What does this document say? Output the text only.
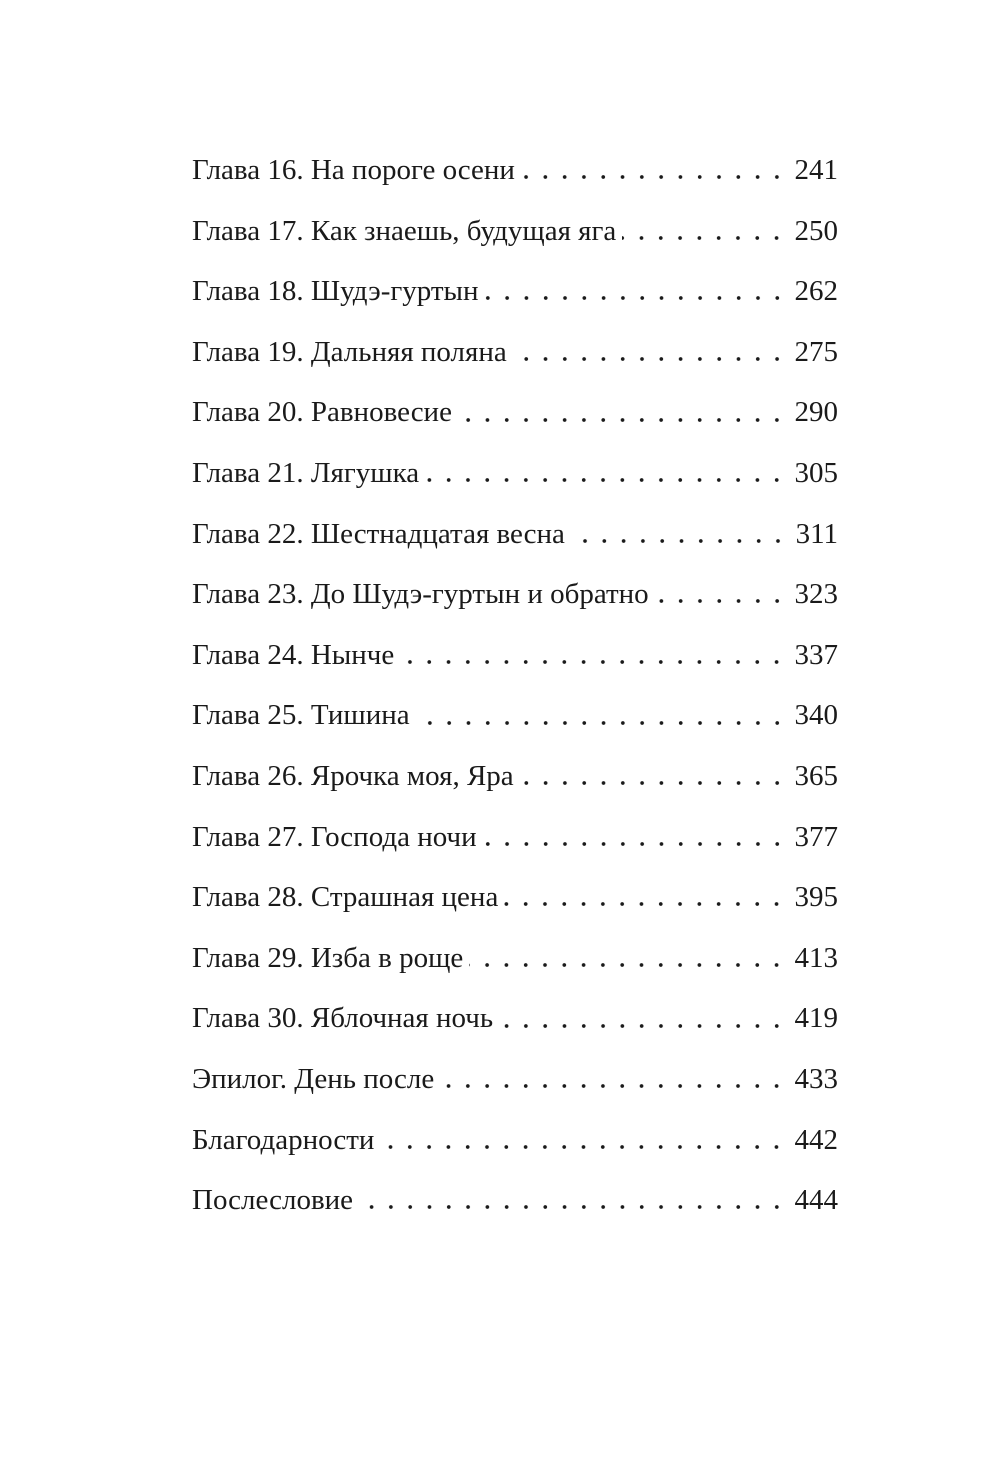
Глава 16. На пороге осени	241
Глава 17. Как знаешь, будущая яга	250
Глава 18. Шудэ-гуртын	262
Глава 19. Дальняя поляна	275
Глава 20. Равновесие	290
Глава 21. Лягушка	305
Глава 22. Шестнадцатая весна	311
Глава 23. До Шудэ-гуртын и обратно	323
Глава 24. Нынче	337
Глава 25. Тишина	340
Глава 26. Ярочка моя, Яра	365
Глава 27. Господа ночи	377
Глава 28. Страшная цена	395
Глава 29. Изба в роще	413
Глава 30. Яблочная ночь	419
Эпилог. День после	433
Благодарности	442
Послесловие	444
